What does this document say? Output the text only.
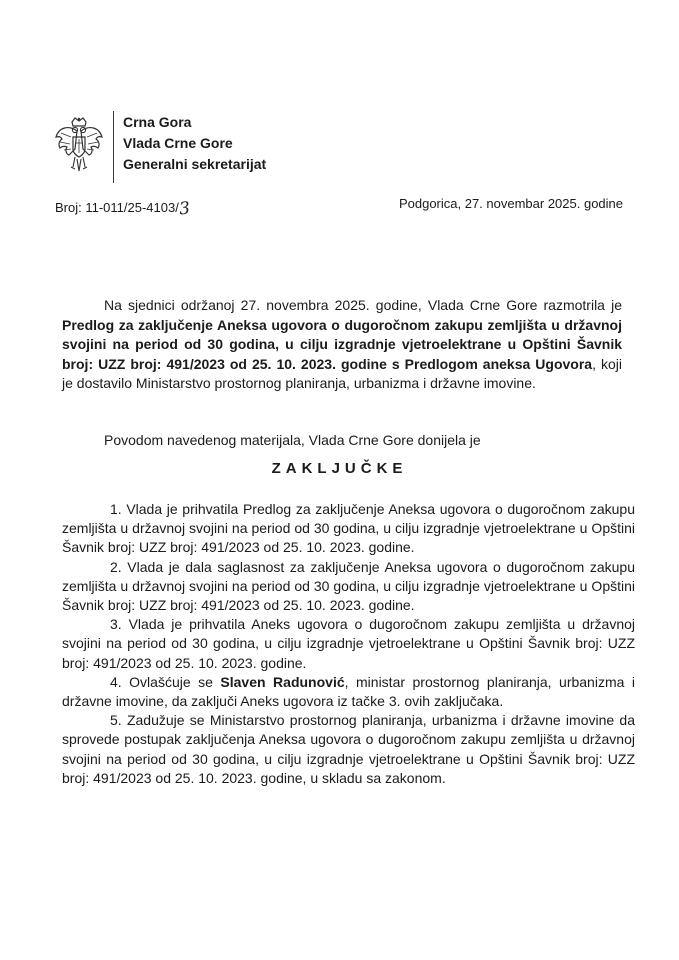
Crna Gora
Vlada Crne Gore
Generalni sekretarijat
Broj: 11-011/25-4103/3	Podgorica, 27. novembar 2025. godine

Na sjednici održanoj 27. novembra 2025. godine, Vlada Crne Gore razmotrila je Predlog za zaključenje Aneksa ugovora o dugoročnom zakupu zemljišta u državnoj svojini na period od 30 godina, u cilju izgradnje vjetroelektrane u Opštini Šavnik broj: UZZ broj: 491/2023 od 25. 10. 2023. godine s Predlogom aneksa Ugovora, koji je dostavilo Ministarstvo prostornog planiranja, urbanizma i državne imovine.

Povodom navedenog materijala, Vlada Crne Gore donijela je

ZAKLJUČKE

1. Vlada je prihvatila Predlog za zaključenje Aneksa ugovora o dugoročnom zakupu zemljišta u državnoj svojini na period od 30 godina, u cilju izgradnje vjetroelektrane u Opštini Šavnik broj: UZZ broj: 491/2023 od 25. 10. 2023. godine.

2. Vlada je dala saglasnost za zaključenje Aneksa ugovora o dugoročnom zakupu zemljišta u državnoj svojini na period od 30 godina, u cilju izgradnje vjetroelektrane u Opštini Šavnik broj: UZZ broj: 491/2023 od 25. 10. 2023. godine.

3. Vlada je prihvatila Aneks ugovora o dugoročnom zakupu zemljišta u državnoj svojini na period od 30 godina, u cilju izgradnje vjetroelektrane u Opštini Šavnik broj: UZZ broj: 491/2023 od 25. 10. 2023. godine.

4. Ovlašćuje se Slaven Radunović, ministar prostornog planiranja, urbanizma i državne imovine, da zaključi Aneks ugovora iz tačke 3. ovih zaključaka.

5. Zadužuje se Ministarstvo prostornog planiranja, urbanizma i državne imovine da sprovede postupak zaključenja Aneksa ugovora o dugoročnom zakupu zemljišta u državnoj svojini na period od 30 godina, u cilju izgradnje vjetroelektrane u Opštini Šavnik broj: UZZ broj: 491/2023 od 25. 10. 2023. godine, u skladu sa zakonom.
